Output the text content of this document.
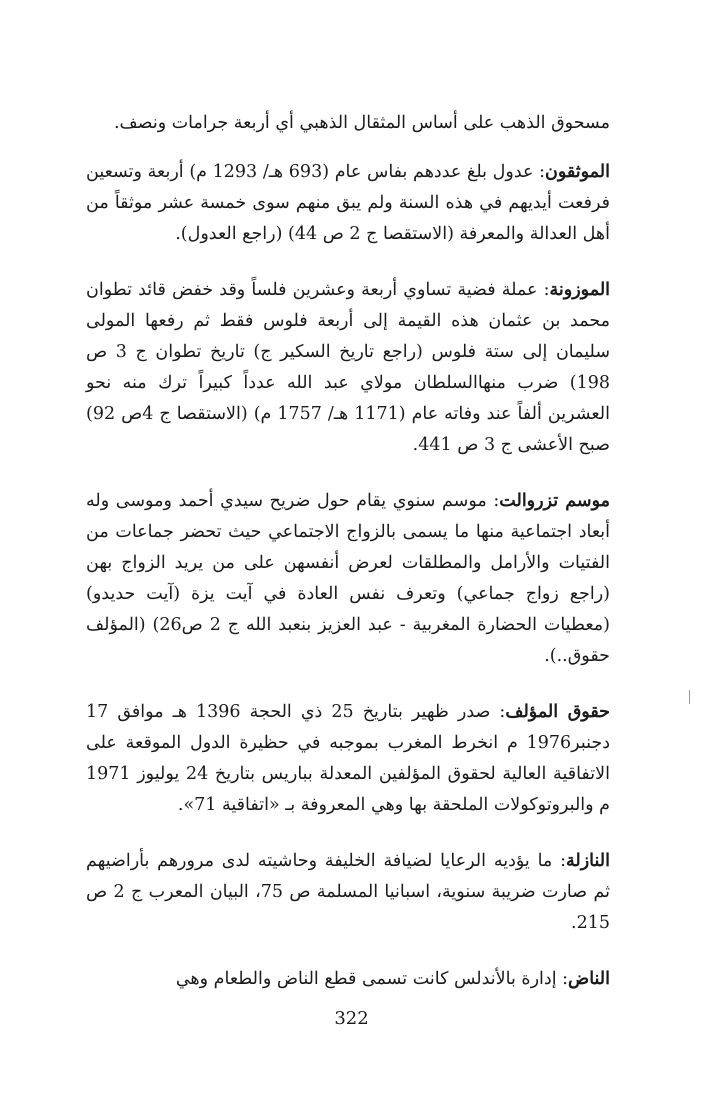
مسحوق الذهب على أساس المثقال الذهبي أي أربعة جرامات ونصف.

الموثقون: عدول بلغ عددهم بفاس عام (693 هـ/ 1293 م) أربعة وتسعين فرفعت أيديهم في هذه السنة ولم يبق منهم سوى خمسة عشر موثقاً من أهل العدالة والمعرفة (الاستقصا ج 2 ص 44) (راجع العدول).

الموزونة: عملة فضية تساوي أربعة وعشرين فلساً وقد خفض قائد تطوان محمد بن عثمان هذه القيمة إلى أربعة فلوس فقط ثم رفعها المولى سليمان إلى ستة فلوس (راجع تاريخ السكير ج) تاريخ تطوان ج 3 ص 198) ضرب منهاالسلطان مولاي عبد الله عدداً كبيراً ترك منه نحو العشرين ألفاً عند وفاته عام (1171 هـ/ 1757 م) (الاستقصا ج 4ص 92) صبح الأعشى ج 3 ص 441.

موسم تزروالت: موسم سنوي يقام حول ضريح سيدي أحمد وموسى وله أبعاد اجتماعية منها ما يسمى بالزواج الاجتماعي حيث تحضر جماعات من الفتيات والأرامل والمطلقات لعرض أنفسهن على من يريد الزواج بهن (راجع زواج جماعي) وتعرف نفس العادة في آيت يزة (آيت حديدو) (معطيات الحضارة المغربية - عبد العزيز بنعبد الله ج 2 ص26) (المؤلف حقوق..).

حقوق المؤلف: صدر ظهير بتاريخ 25 ذي الحجة 1396 هـ موافق 17 دجنبر1976 م انخرط المغرب بموجبه في حظيرة الدول الموقعة على الاتفاقية العالية لحقوق المؤلفين المعدلة بباريس بتاريخ 24 يوليوز 1971 م والبروتوكولات الملحقة بها وهي المعروفة بـ «اتفاقية 71».

النازلة: ما يؤديه الرعايا لضيافة الخليفة وحاشيته لدى مرورهم بأراضيهم ثم صارت ضريبة سنوية، اسبانيا المسلمة ص 75، البيان المعرب ج 2 ص 215.

الناض: إدارة بالأندلس كانت تسمى قطع الناض والطعام وهي

322
